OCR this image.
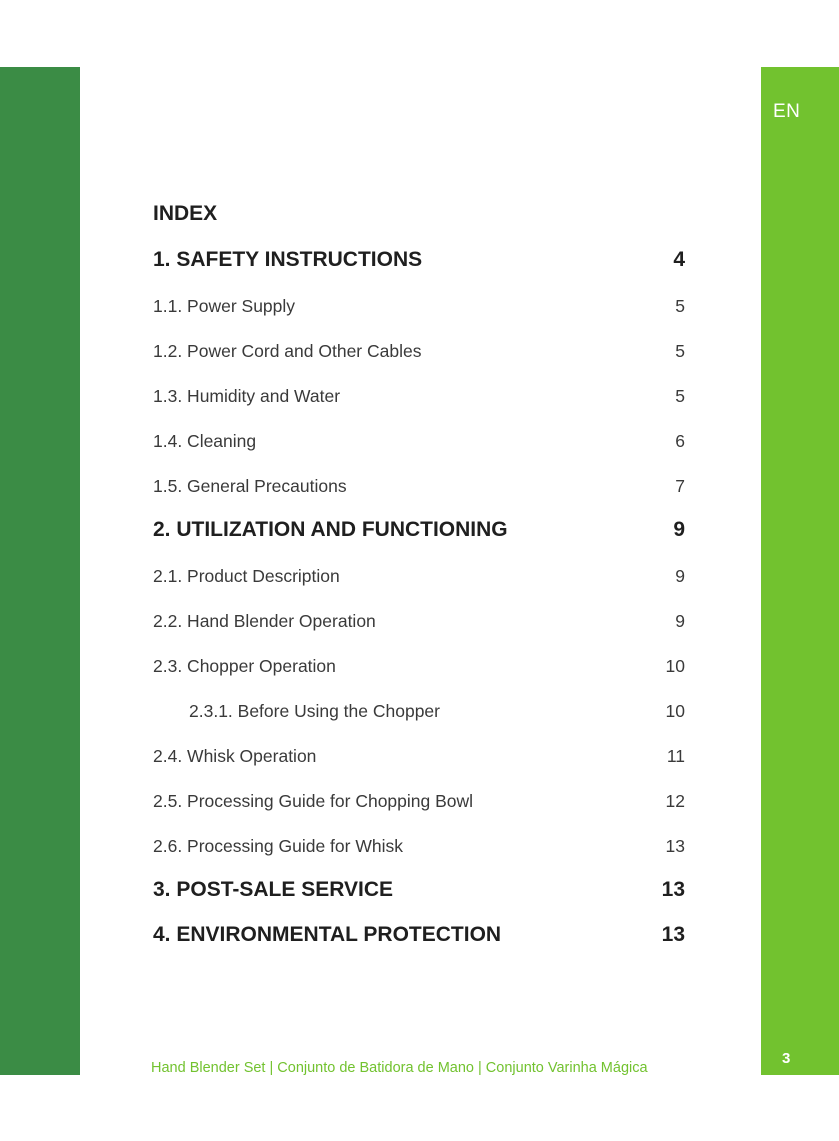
EN
3
INDEX
1. SAFETY INSTRUCTIONS	4
1.1. Power Supply	5
1.2. Power Cord and Other Cables	5
1.3. Humidity and Water	5
1.4. Cleaning	6
1.5. General Precautions	7
2. UTILIZATION AND FUNCTIONING	9
2.1. Product Description	9
2.2. Hand Blender Operation	9
2.3. Chopper Operation	10
2.3.1. Before Using the Chopper	10
2.4. Whisk Operation	11
2.5. Processing Guide for Chopping Bowl	12
2.6. Processing Guide for Whisk	13
3. POST-SALE SERVICE	13
4. ENVIRONMENTAL PROTECTION	13
Hand Blender Set | Conjunto de Batidora de Mano | Conjunto Varinha Mágica
